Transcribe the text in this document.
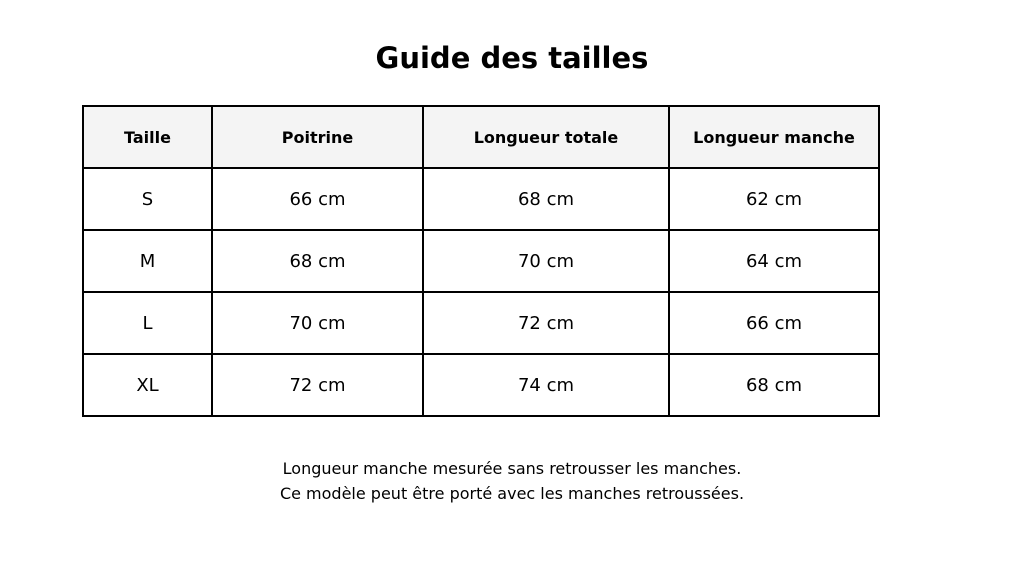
Guide des tailles
Taille	Poitrine	Longueur totale	Longueur manche
S	66 cm	68 cm	62 cm
M	68 cm	70 cm	64 cm
L	70 cm	72 cm	66 cm
XL	72 cm	74 cm	68 cm
Longueur manche mesurée sans retrousser les manches.
Ce modèle peut être porté avec les manches retroussées.
